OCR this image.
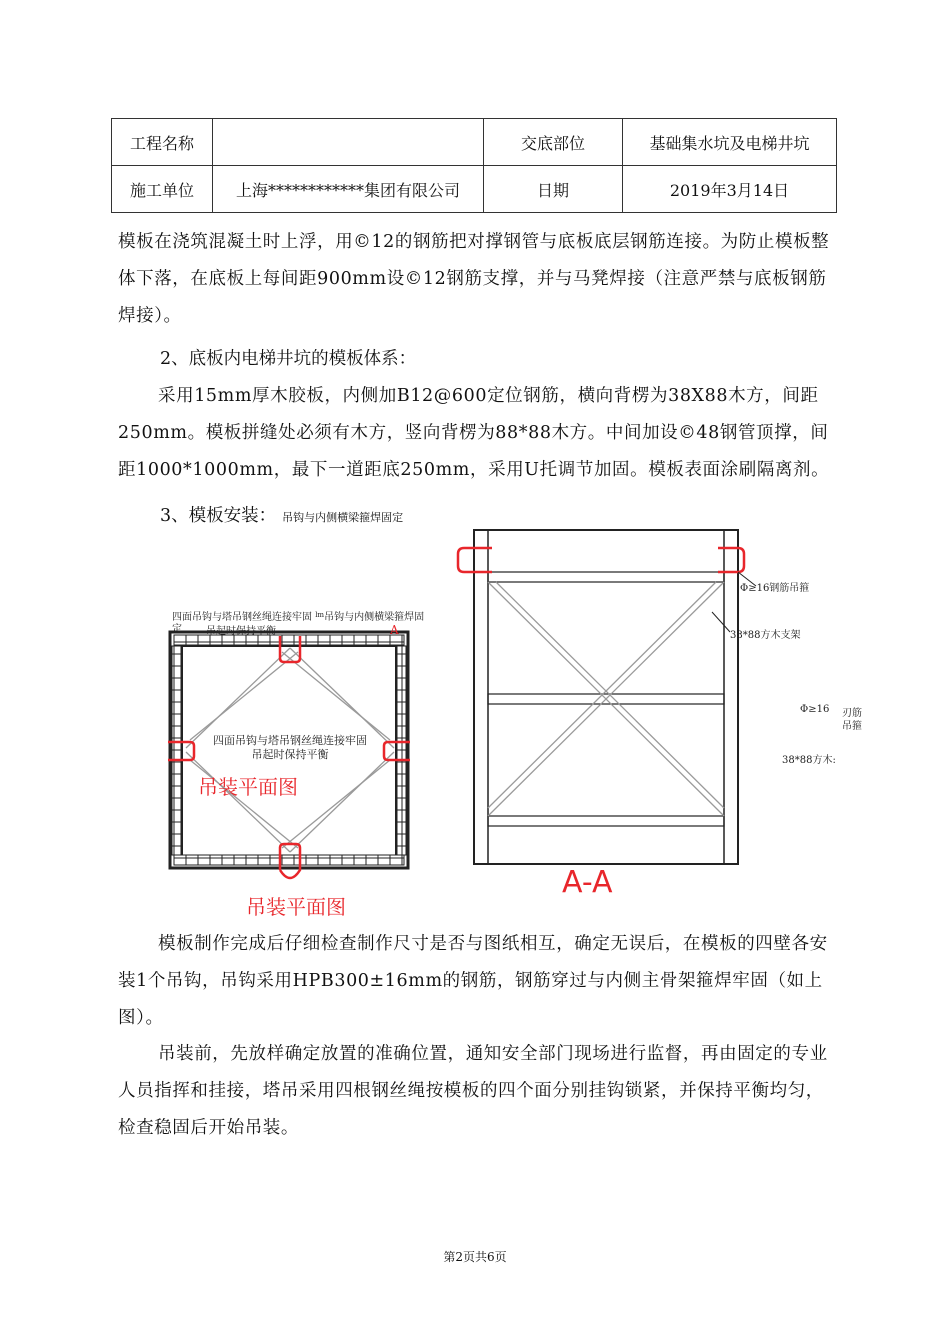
工程名称		交底部位	基础集水坑及电梯井坑
施工单位	上海************集团有限公司	日期	2019年3月14日

模板在浇筑混凝土时上浮，用©12的钢筋把对撑钢管与底板底层钢筋连接。为防止模板整体下落，在底板上每间距900mm设©12钢筋支撑，并与马凳焊接（注意严禁与底板钢筋焊接）。

2、底板内电梯井坑的模板体系：

采用15mm厚木胶板，内侧加B12@600定位钢筋，横向背楞为38X88木方，间距250mm。模板拼缝处必须有木方，竖向背楞为88*88木方。中间加设©48钢管顶撑，间距1000*1000mm，最下一道距底250mm，采用U托调节加固。模板表面涂刷隔离剂。

3、模板安装： 吊钩与内侧横梁箍焊固定

四面吊钩与塔吊钢丝绳连接牢固 $^{lm}$吊钩与内侧横梁箍焊固
定 吊起时保持平衡	A
四面吊钩与塔吊钢丝绳连接牢固
吊起时保持平衡
吊装平面图
吊装平面图
Φ≥16钢筋吊箍
38*88方木支架
Φ≥16 刃筋
吊箍
38*88方木:
A-A

模板制作完成后仔细检查制作尺寸是否与图纸相互，确定无误后，在模板的四壁各安装1个吊钩，吊钩采用HPB300±16mm的钢筋，钢筋穿过与内侧主骨架箍焊牢固（如上图）。

吊装前，先放样确定放置的准确位置，通知安全部门现场进行监督，再由固定的专业人员指挥和挂接，塔吊采用四根钢丝绳按模板的四个面分别挂钩锁紧，并保持平衡均匀，检查稳固后开始吊装。

第2页共6页
